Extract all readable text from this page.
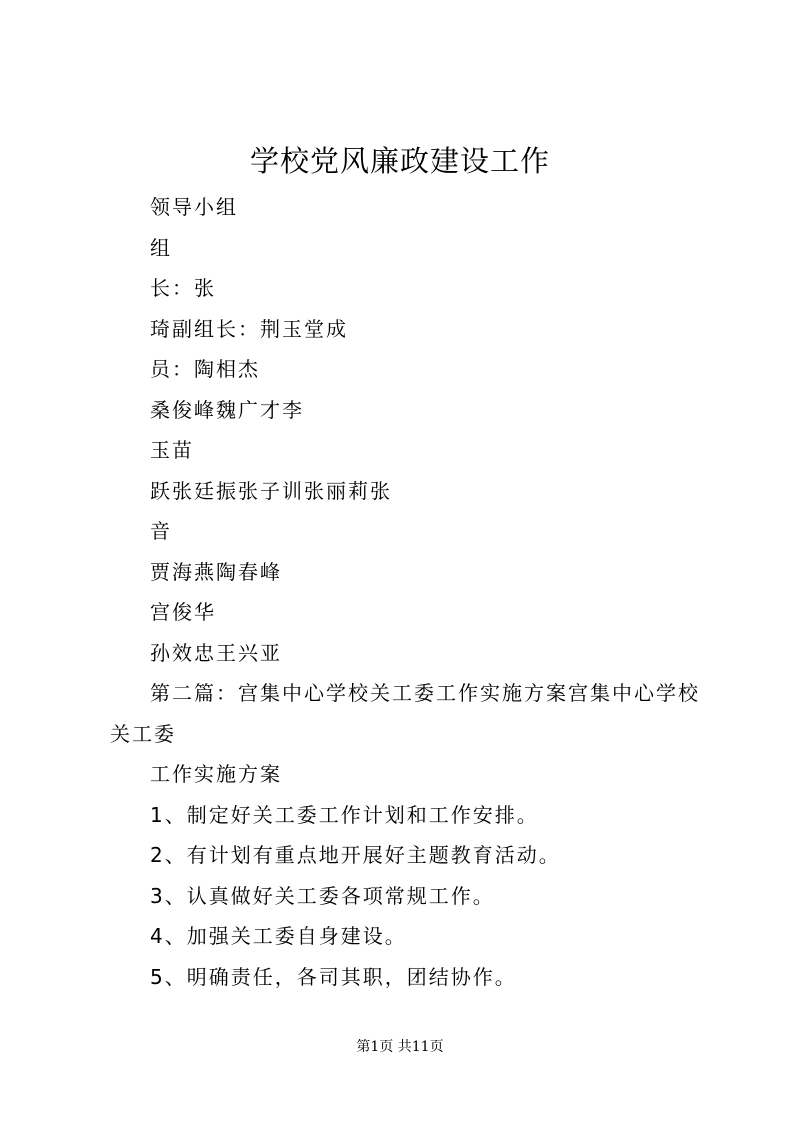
学校党风廉政建设工作

领导小组

组

长：张

琦副组长：荆玉堂成

员：陶相杰

桑俊峰魏广才李

玉苗

跃张廷振张子训张丽莉张

音

贾海燕陶春峰

宫俊华

孙效忠王兴亚

第二篇：宫集中心学校关工委工作实施方案宫集中心学校关工委

工作实施方案

1、制定好关工委工作计划和工作安排。

2、有计划有重点地开展好主题教育活动。

3、认真做好关工委各项常规工作。

4、加强关工委自身建设。

5、明确责任，各司其职，团结协作。

第1页 共11页
